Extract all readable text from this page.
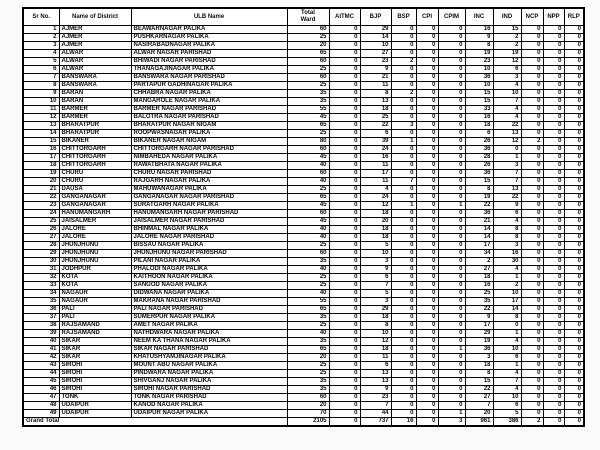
Sr No.	Name of District	ULB Name	Total Ward	AITMC	BJP	BSP	CPI	CPIM	INC	IND	NCP	NPP	RLP
1	AJMER	BEAWARNAGAR PALIKA	60	0	29	0	0	0	16	15	0	0	0
2	AJMER	PUSHKARNAGAR PALIKA	25	0	14	0	0	0	9	2	0	0	0
3	AJMER	NASIRABADNAGAR PALIKA	20	0	10	0	0	0	8	2	0	0	0
4	ALWAR	ALWAR NAGAR PARISHAD	65	0	27	0	0	0	19	19	0	0	0
5	ALWAR	BHIWADI NAGAR PARISHAD	60	0	23	2	0	0	23	12	0	0	0
6	ALWAR	THANAGAJINAGAR PALIKA	25	0	9	0	0	0	10	6	0	0	0
7	BANSWARA	BANSWARA NAGAR PARISHAD	60	0	21	0	0	0	36	3	0	0	0
8	BANSWARA	PARTAPUR GADHINAGAR PALIKA	25	0	11	0	0	0	10	4	0	0	0
9	BARAN	CHHABRA NAGAR PALIKA	35	0	8	2	0	0	15	10	0	0	0
10	BARAN	MANGAROLE NAGAR PALIKA	35	0	13	0	0	0	15	7	0	0	0
11	BARMER	BARMER NAGAR PARISHAD	55	0	18	0	0	0	33	4	0	0	0
12	BARMER	BALOTRA NAGAR PARISHAD	45	0	25	0	0	0	16	4	0	0	0
13	BHARATPUR	BHARATPUR NAGAR NIGAM	65	0	22	3	0	0	18	22	0	0	0
14	BHARATPUR	ROOPWASNAGAR PALIKA	25	0	6	0	0	0	6	13	0	0	0
15	BIKANER	BIKANER NAGAR NIGAM	80	0	39	1	0	0	26	12	2	0	0
16	CHITTORGARH	CHITTORGARH NAGAR PARISHAD	60	0	24	0	0	0	36	0	0	0	0
17	CHITTORGARH	NIMBAHEDA NAGAR PALIKA	45	0	16	0	0	0	28	1	0	0	0
18	CHITTORGARH	RAWATBHATA NAGAR PALIKA	40	0	11	0	0	0	26	3	0	0	0
19	CHURU	CHURU NAGAR PARISHAD	60	0	17	0	0	0	36	7	0	0	0
20	CHURU	RAJGARH NAGAR PALIKA	40	0	11	7	0	0	15	7	0	0	0
21	DAUSA	MAHUWANAGAR PALIKA	25	0	4	0	0	0	8	13	0	0	0
22	GANGANAGAR	GANGANAGAR NAGAR PARISHAD	65	0	24	0	0	0	19	22	0	0	0
23	GANGANAGAR	SURATGARH NAGAR PALIKA	45	0	12	1	0	1	22	9	0	0	0
24	HANUMANGARH	HANUMANGARH NAGAR PARISHAD	60	0	18	0	0	0	36	6	0	0	0
25	JAISALMER	JAISALMER NAGAR PARISHAD	45	0	20	0	0	0	21	4	0	0	0
26	JALORE	BHINMAL NAGAR PALIKA	40	0	18	0	0	0	14	8	0	0	0
27	JALORE	JALORE NAGAR PARISHAD	40	0	18	0	0	0	14	8	0	0	0
28	JHUNJHUNU	BISSAU NAGAR PALIKA	25	0	5	0	0	0	17	3	0	0	0
29	JHUNJHUNU	JHUNJHUNU NAGAR PARISHAD	60	0	10	0	0	0	34	16	0	0	0
30	JHUNJHUNU	PILANI NAGAR PALIKA	35	0	3	0	0	0	2	30	0	0	0
31	JODHPUR	PHALODI NAGAR PALIKA	40	0	9	0	0	0	27	4	0	0	0
32	KOTA	KAITHOON NAGAR PALIKA	25	0	6	0	0	0	18	1	0	0	0
33	KOTA	SANGOD NAGAR PALIKA	25	0	7	0	0	0	16	2	0	0	0
34	NAGAUR	DIDWANA NAGAR PALIKA	40	0	5	0	0	0	25	10	0	0	0
35	NAGAUR	MAKRANA NAGAR PARISHAD	55	0	3	0	0	0	35	17	0	0	0
36	PALI	PALI NAGAR PARISHAD	65	0	29	0	0	0	22	14	0	0	0
37	PALI	SUMERPUR NAGAR PALIKA	35	0	18	0	0	0	9	8	0	0	0
38	RAJSAMAND	AMET NAGAR PALIKA	25	0	8	0	0	0	17	0	0	0	0
39	RAJSAMAND	NATHDWARA NAGAR PALIKA	40	0	10	0	0	0	29	1	0	0	0
40	SIKAR	NEEM KA THANA NAGAR PALIKA	35	0	12	0	0	0	19	4	0	0	0
41	SIKAR	SIKAR NAGAR PARISHAD	65	0	18	0	0	1	36	10	0	0	0
42	SIKAR	KHATUSHYAMJINAGAR PALIKA	20	0	11	0	0	0	3	6	0	0	0
43	SIROHI	MOUNT ABU NAGAR PALIKA	25	0	6	0	0	0	18	1	0	0	0
44	SIROHI	PINDWARA NAGAR PALIKA	25	0	13	0	0	0	8	4	0	0	0
45	SIROHI	SHIVGANJ NAGAR PALIKA	35	0	13	0	0	0	15	7	0	0	0
46	SIROHI	SIROHI NAGAR PARISHAD	35	0	9	0	0	0	22	4	0	0	0
47	TONK	TONK NAGAR PARISHAD	60	0	23	0	0	0	27	10	0	0	0
48	UDAIPUR	KANOD NAGAR PALIKA	20	0	7	0	0	0	7	6	0	0	0
49	UDAIPUR	UDAIPUR NAGAR PALIKA	70	0	44	0	0	1	20	5	0	0	0
Grand Total			2105	0	737	16	0	3	961	386	2	0	0
